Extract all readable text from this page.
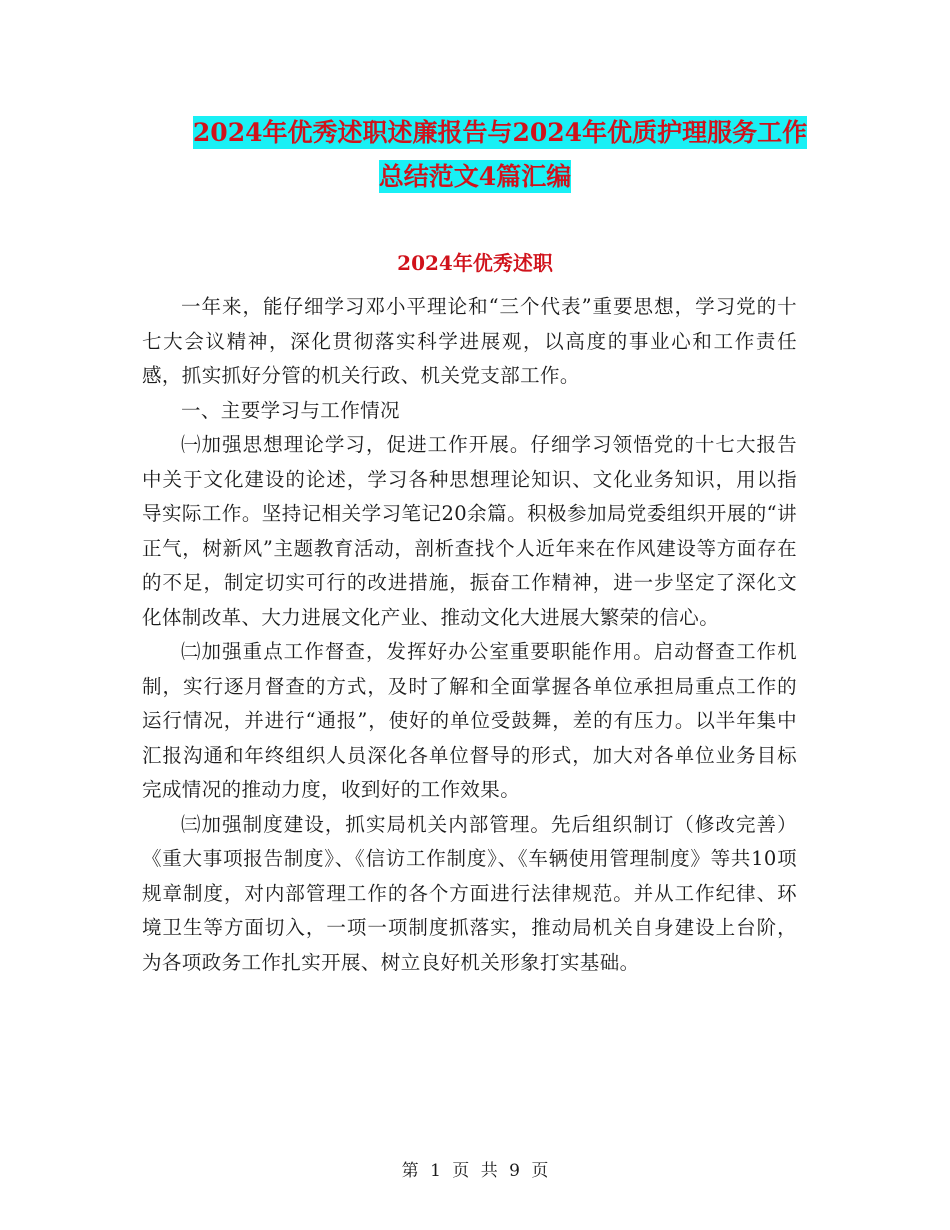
2024年优秀述职述廉报告与2024年优质护理服务工作
总结范文4篇汇编
2024年优秀述职

一年来，能仔细学习邓小平理论和“三个代表”重要思想，学习党的十七大会议精神，深化贯彻落实科学进展观，以高度的事业心和工作责任感，抓实抓好分管的机关行政、机关党支部工作。

一、主要学习与工作情况

㈠加强思想理论学习，促进工作开展。仔细学习领悟党的十七大报告中关于文化建设的论述，学习各种思想理论知识、文化业务知识，用以指导实际工作。坚持记相关学习笔记20余篇。积极参加局党委组织开展的“讲正气，树新风”主题教育活动，剖析查找个人近年来在作风建设等方面存在的不足，制定切实可行的改进措施，振奋工作精神，进一步坚定了深化文化体制改革、大力进展文化产业、推动文化大进展大繁荣的信心。

㈡加强重点工作督查，发挥好办公室重要职能作用。启动督查工作机制，实行逐月督查的方式，及时了解和全面掌握各单位承担局重点工作的运行情况，并进行“通报”，使好的单位受鼓舞，差的有压力。以半年集中汇报沟通和年终组织人员深化各单位督导的形式，加大对各单位业务目标完成情况的推动力度，收到好的工作效果。

㈢加强制度建设，抓实局机关内部管理。先后组织制订（修改完善）《重大事项报告制度》、《信访工作制度》、《车辆使用管理制度》等共10项规章制度，对内部管理工作的各个方面进行法律规范。并从工作纪律、环境卫生等方面切入，一项一项制度抓落实，推动局机关自身建设上台阶，为各项政务工作扎实开展、树立良好机关形象打实基础。

第 1 页 共 9 页
